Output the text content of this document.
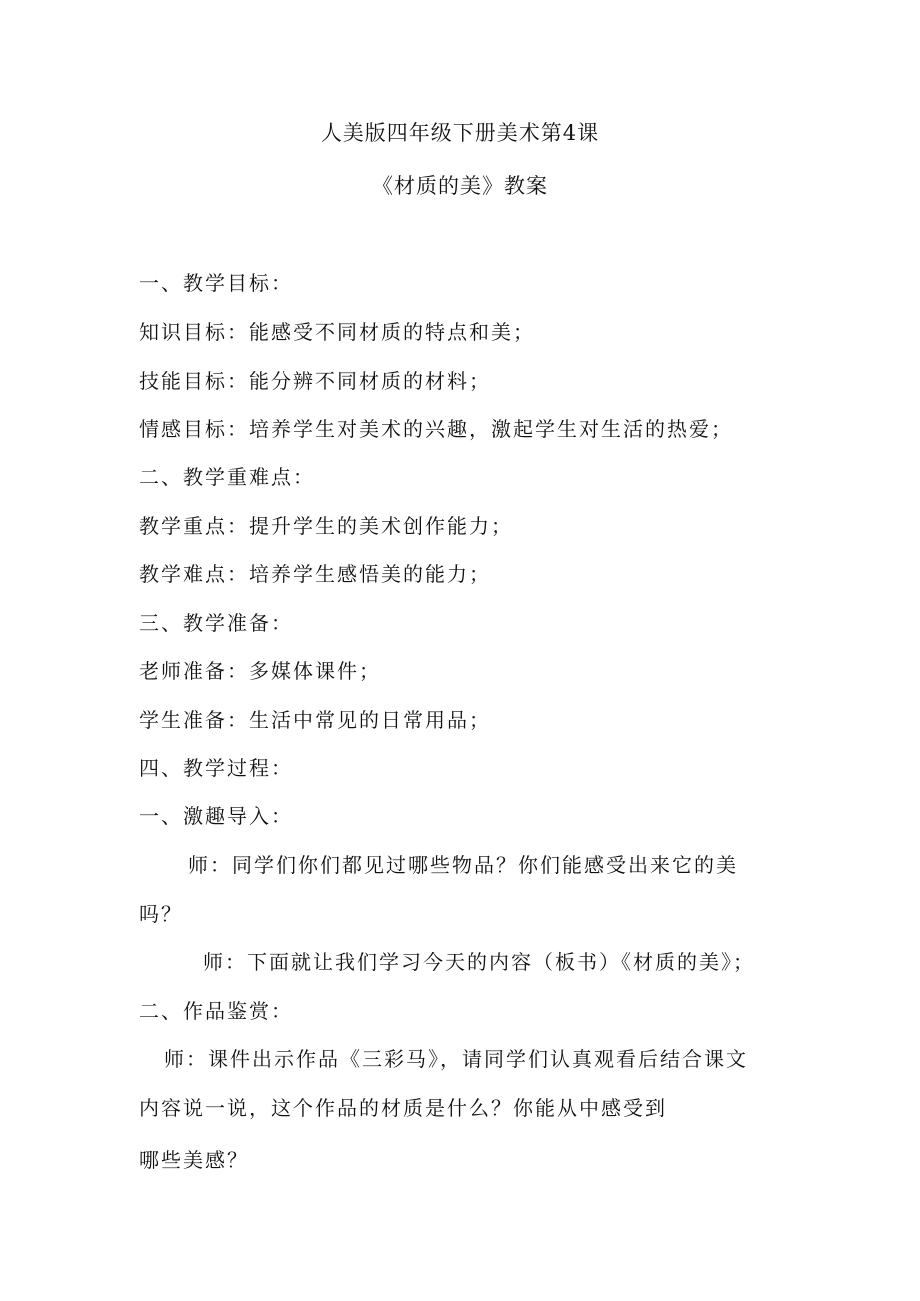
人美版四年级下册美术第4课
《材质的美》教案
一、教学目标：
知识目标：能感受不同材质的特点和美；
技能目标：能分辨不同材质的材料；
情感目标：培养学生对美术的兴趣，激起学生对生活的热爱；
二、教学重难点：
教学重点：提升学生的美术创作能力；
教学难点：培养学生感悟美的能力；
三、教学准备：
老师准备：多媒体课件；
学生准备：生活中常见的日常用品；
四、教学过程：
一、激趣导入：
师：同学们你们都见过哪些物品？你们能感受出来它的美
吗？
师：下面就让我们学习今天的内容（板书）《材质的美》；
二、作品鉴赏：
师：课件出示作品《三彩马》，请同学们认真观看后结合课文
内容说一说，这个作品的材质是什么？你能从中感受到
哪些美感？
